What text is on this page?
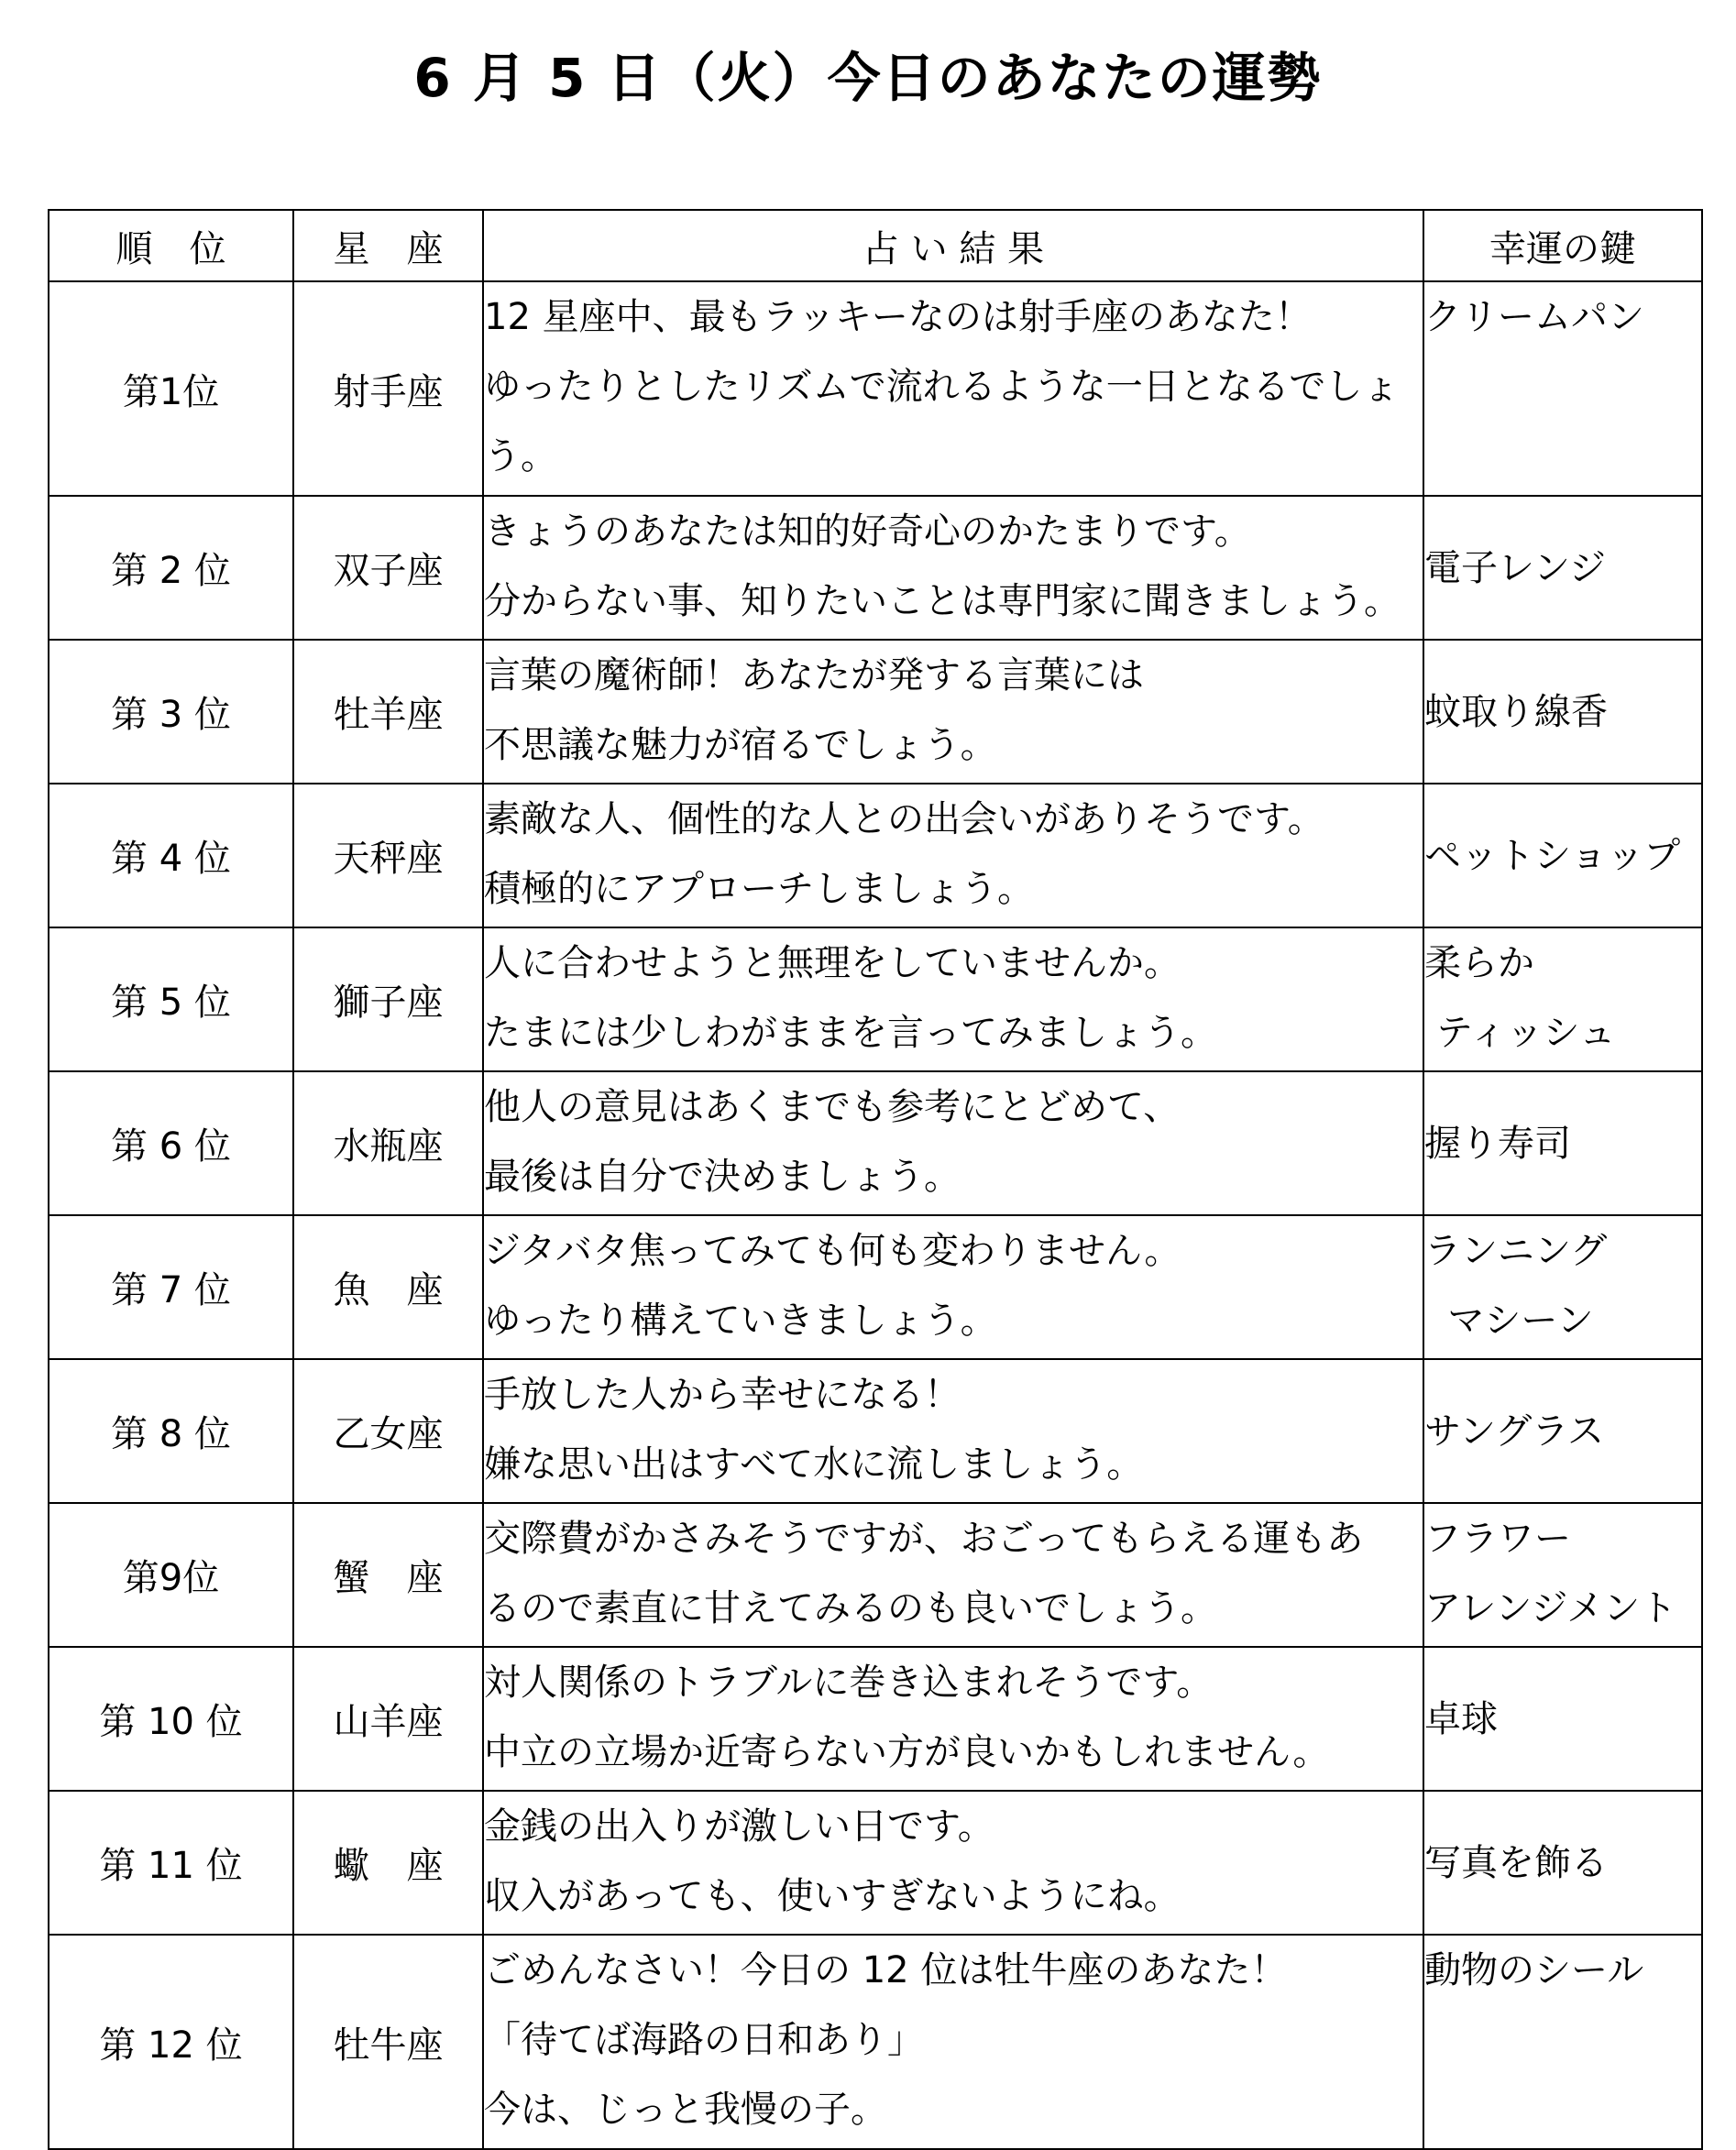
6 月 5 日（火）今日のあなたの運勢
順　位	星　座	占 い 結 果	幸運の鍵
第1位	射手座	12 星座中、最もラッキーなのは射手座のあなた！
ゆったりとしたリズムで流れるような一日となるでしょ
う。	クリームパン

第 2 位	双子座	きょうのあなたは知的好奇心のかたまりです。
分からない事、知りたいことは専門家に聞きましょう。	電子レンジ

第 3 位	牡羊座	言葉の魔術師！あなたが発する言葉には
不思議な魅力が宿るでしょう。	蚊取り線香

第 4 位	天秤座	素敵な人、個性的な人との出会いがありそうです。
積極的にアプローチしましょう。	ペットショップ

第 5 位	獅子座	人に合わせようと無理をしていませんか。
たまには少しわがままを言ってみましょう。	柔らか
ティッシュ

第 6 位	水瓶座	他人の意見はあくまでも参考にとどめて、
最後は自分で決めましょう。	握り寿司

第 7 位	魚　座	ジタバタ焦ってみても何も変わりません。
ゆったり構えていきましょう。	ランニング
マシーン

第 8 位	乙女座	手放した人から幸せになる！
嫌な思い出はすべて水に流しましょう。	サングラス

第9位	蟹　座	交際費がかさみそうですが、おごってもらえる運もあ
るので素直に甘えてみるのも良いでしょう。	フラワー
アレンジメント

第 10 位	山羊座	対人関係のトラブルに巻き込まれそうです。
中立の立場か近寄らない方が良いかもしれません。	卓球

第 11 位	蠍　座	金銭の出入りが激しい日です。
収入があっても、使いすぎないようにね。	写真を飾る

第 12 位	牡牛座	ごめんなさい！今日の 12 位は牡牛座のあなた！
「待てば海路の日和あり」
今は、じっと我慢の子。	動物のシール
